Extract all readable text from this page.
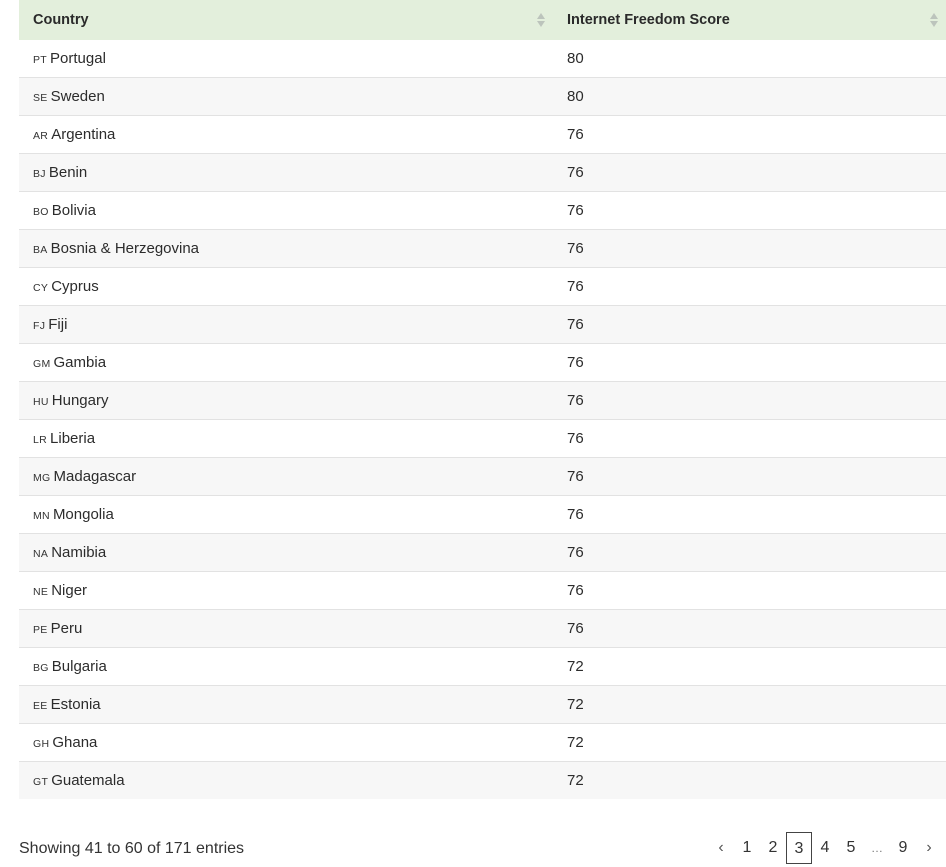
Country	Internet Freedom Score

PT Portugal	80
SE Sweden	80
AR Argentina	76
BJ Benin	76
BO Bolivia	76
BA Bosnia & Herzegovina	76
CY Cyprus	76
FJ Fiji	76
GM Gambia	76
HU Hungary	76
LR Liberia	76
MG Madagascar	76
MN Mongolia	76
NA Namibia	76
NE Niger	76
PE Peru	76
BG Bulgaria	72
EE Estonia	72
GH Ghana	72
GT Guatemala	72
Showing 41 to 60 of 171 entries	‹	1	2	3	4	5	… 9	›
